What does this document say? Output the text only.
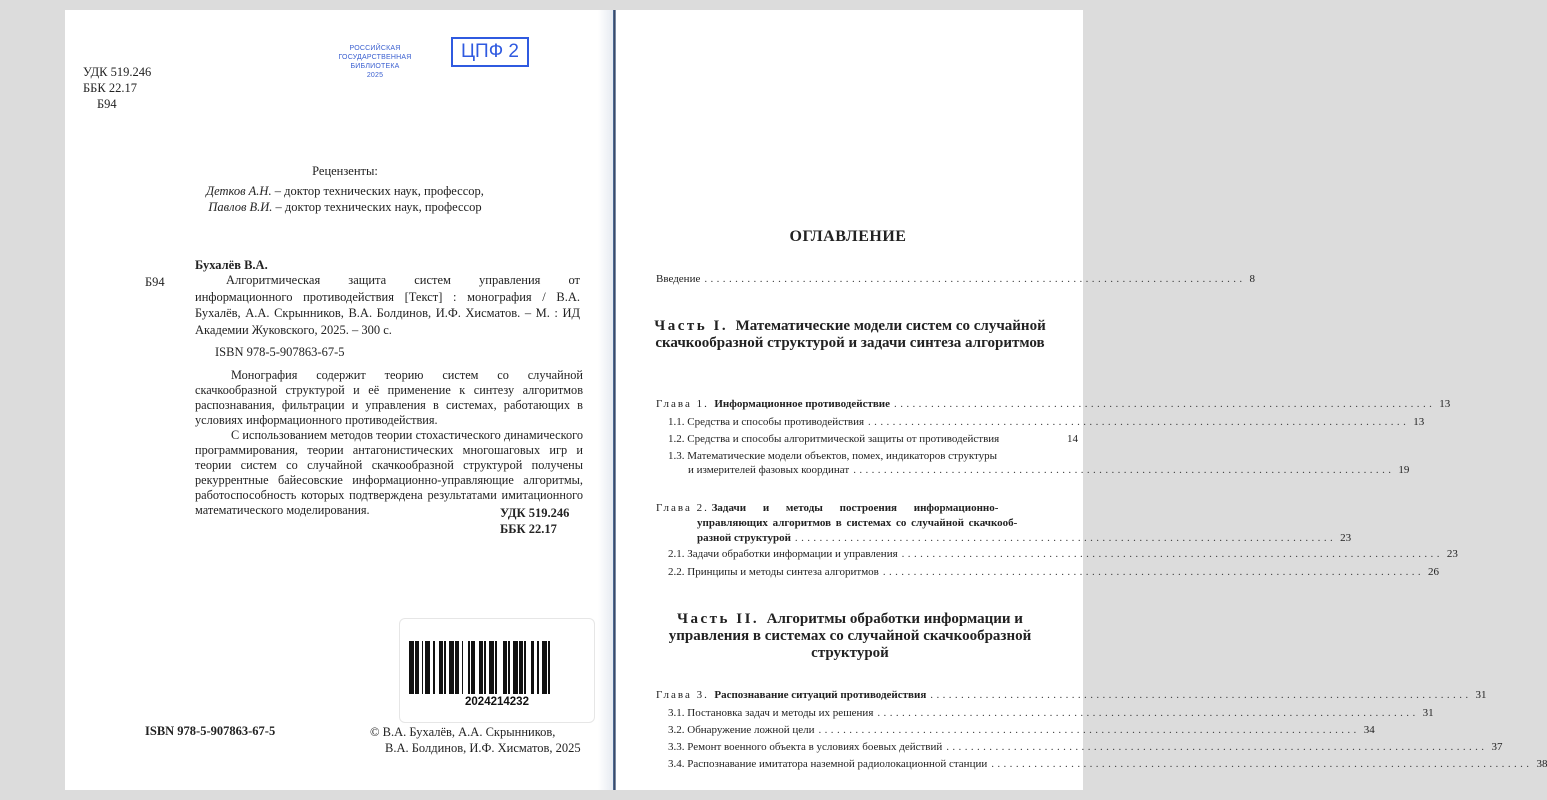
УДК 519.246
ББК 22.17
Б94
РОССИЙСКАЯ
ГОСУДАРСТВЕННАЯ
БИБЛИОТЕКА
2025
ЦПФ 2
Рецензенты:
Детков А.Н. – доктор технических наук, профессор,
Павлов В.И. – доктор технических наук, профессор
Бухалёв В.А.
Б94	Алгоритмическая защита систем управления от информационного противодействия [Текст] : монография / В.А. Бухалёв, А.А. Скрынников, В.А. Болдинов, И.Ф. Хисматов. – М. : ИД Академии Жуковского, 2025. – 300 с.
ISBN 978-5-907863-67-5

Монография содержит теорию систем со случайной скачкообразной структурой и её применение к синтезу алгоритмов распознавания, фильтрации и управления в системах, работающих в условиях информационного противодействия.

С использованием методов теории стохастического динамического программирования, теории антагонистических многошаговых игр и теории систем со случайной скачкообразной структурой получены рекуррентные байесовские информационно-управляющие алгоритмы, работоспособность которых подтверждена результатами имитационного математического моделирования.	УДК 519.246
ББК 22.17
2024214232
ISBN 978-5-907863-67-5	© В.А. Бухалёв, А.А. Скрынников,
В.А. Болдинов, И.Ф. Хисматов, 2025
ОГЛАВЛЕНИЕ
Введение ........................................................................................ 8
Часть I. Математические модели систем со случайной скачкообразной структурой и задачи синтеза алгоритмов
Глава 1. Информационное противодействие ........................................................................................ 13
1.1. Средства и способы противодействия ........................................................................................ 13
1.2. Средства и способы алгоритмической защиты от противодействия	14
1.3. Математические модели объектов, помех, индикаторов структуры
и измерителей фазовых координат ........................................................................................ 19
Глава 2. Задачи и методы построения информационно-
управляющих алгоритмов в системах со случайной скачкооб-
разной структурой ........................................................................................ 23
2.1. Задачи обработки информации и управления ........................................................................................ 23
2.2. Принципы и методы синтеза алгоритмов ........................................................................................ 26
Часть II. Алгоритмы обработки информации и управления в системах со случайной скачкообразной структурой
Глава 3. Распознавание ситуаций противодействия ........................................................................................ 31
3.1. Постановка задач и методы их решения ........................................................................................ 31
3.2. Обнаружение ложной цели ........................................................................................ 34
3.3. Ремонт военного объекта в условиях боевых действий ........................................................................................ 37
3.4. Распознавание имитатора наземной радиолокационной станции ........................................................................................ 38
